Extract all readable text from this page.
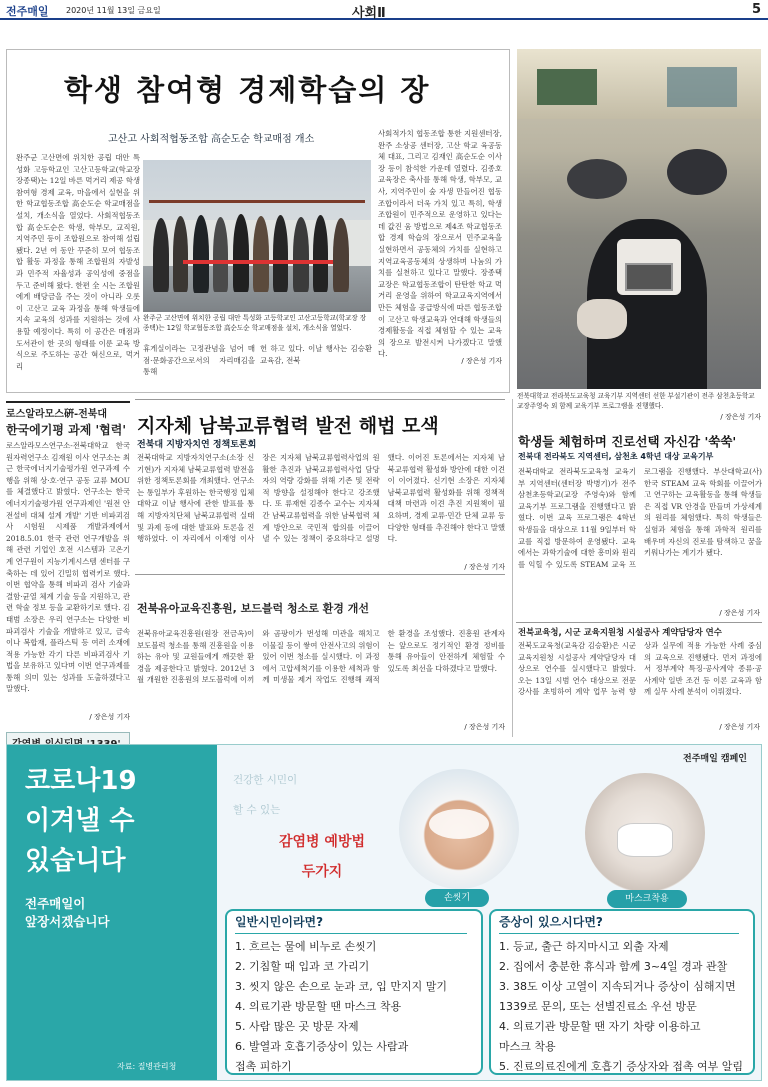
전주매일 2020년 11월 13일 금요일	사회Ⅱ	5
학생 참여형 경제학습의 장
고산고 사회적협동조합 高순도순 학교매점 개소
완주군 고산면에 위치한 공립 대안 특성화 고등학교인 고산고등학교(학교장 장종택)는 12일 바른 먹거리 제공 학생 참여형 경제 교육, 마을에서 실현을 위한 학교협동조합 高순도순 학교매점을 설치, 개소식을 열었다. 사회적협동조합 高순도순은 학생, 학부모, 교직원, 지역주민 등이 조합원으로 참여해 설립됐다. 2년 여 동안 꾸준히 모여 협동조합 활동 과정을 통해 조합원의 자발성과 민주적 자율성과 공익성에 중점을 두고 준비해 왔다. 한편 全 시는 조합원에게 배당금을 주는 것이 아니라 오롯이 고산고 교육 과정을 통해 학생들에 지속 교육의 성과를 지원하는 것에 사용할 예정이다. 특히 이 공간은 매점과 도서관이 한 곳의 형태를 이룬 교육 방식으로 주도하는 공간 혁신으로, 먹거리
완주군 고산면에 위치한 공립 대안 특성화 고등학교인 고산고등학교(학교장 장종택)는 12일 학교협동조합 高순도순 학교매점을 설치, 개소식을 열었다.
휴게실이라는 고정관념을 넘어 매점·문화공간으로서의 자리매김을 통해
헌 하고 있다. 이날 행사는 김승환 교육감, 전북
사회적가치 협동조합 통한 지원센터장, 완주 소상공 센터장, 고산 학교 육공동체 대표, 그리고 김재인 高순도순 이사장 등이 참석한 가운데 열렸다. 김종호 교육장은 축사를 통해 학생, 학부모, 교사, 지역주민이 숲 자생 만들어진 협동조합이라서 더욱 가치 있고 특히, 학생 조합원이 민주적으로 운영하고 있다는 데 값진 움 방법으로 제4조 학교협동조합 경제 학습의 장으로서 민주교육을 실현하면서 공동체의 가치를 실현하고 지역교육공동체의 상생하며 나눔의 가치를 실천하고 있다고 말했다. 장종택 교장은 학교협동조합이 탄탄한 학교 먹거리 운영을 위하여 학교교육지역에서 만든 체험을 공급방식에 따른 협동조합이 고산고 학생교육과 연대해 학생들의 경제활동을 직접 체험할 수 있는 교육의 장으로 발전시켜 나가겠다고 말했다.
/ 장은성 기자
전북대학교 전라북도교육청 교육기부 지역센터 선한 부설기관이 전주 삼천초등학교 교장주영숙 외 함께 교육기부 프로그램을 진행했다.
/ 장은성 기자
로스알라모스硏-전북대
한국에기평 과제 '협력'
로스알라모스연구소-전북대학교 한국원자력연구소 김재원 이사 연구소는 최근 한국에너지기술평가원 연구과제 수행을 위해 상·호·연구 공동 교류 MOU를 체결했다고 밝혔다. 연구소는 한국에너지기술평가원 연구과제인 '원전 안전설비 대체 설계 개발' 기반 비파괴검사 시험원 시제품 개발과제에서 2018.5.01 한국 관련 연구개발을 위해 관련 기업인 호전 시스템과 고온기계 연구원이 지능기계시스템 센터를 구축하는 데 있어 긴밀히 협력키로 했다. 이번 협약을 통해 비파괴 검사 기술과 결함·균열 체계 기술 등을 지원하고, 관련 학술 정보 등을 교환하기로 했다. 김태범 소장은 우리 연구소는 다양한 비파괴검사 기술을 개발하고 있고, 금속이나 복합재, 플라스틱 등 여러 소재에 적용 가능한 각기 다른 비파괴검사 기법을 보유하고 있다며 이번 연구과제를 통해 의미 있는 성과를 도출하겠다고 말했다.
/ 장은성 기자
지자체 남북교류협력 발전 해법 모색
전북대 지방자치연 정책토론회
전북대학교 지방자치연구소(소장 신기현)가 지자체 남북교류협력 발전을 위한 정책토론회를 개최했다. 연구소는 통일부가 후원하는 한국행정 입체 대학교 이날 행사에 관한 발표를 통해 지방자치단체 남북교류협력 실태 및 과제 등에 대한 발표와 토론을 진행하였다. 이 자리에서 이재영 이사장은 지자체 남북교류협력사업의 원활한 추진과 남북교류협력사업 담당자의 역량 강화를 위해 기존 및 전략적 방향을 설정해야 한다고 강조했다. 또 류재현 김종수 교수는 지자체 간 남북교류협력을 위한 남북협력 체계 방안으로 국민적 합의를 이끌어 낼 수 있는 정책이 중요하다고 설명했다. 이어진 토론에서는 지자체 남북교류협력 활성화 방안에 대한 이견이 이어졌다. 신기현 소장은 지자체 남북교류협력 활성화를 위해 정책적 대책 마련과 이견 추진 지원책이 필요하며, 경제 교류·민간 단체 교류 등 다양한 형태를 추진해야 한다고 말했다.
/ 장은성 기자
학생들 체험하며 진로선택 자신감 '쑥쑥'
전북대 전라북도 지역센터, 삼천초 4학년 대상 교육기부
전북대학교 전라북도교육청 교육기부 지역센터(센터장 박병기)가 전주삼천초등학교(교장 주영숙)와 함께 교육기부 프로그램을 진행했다고 밝혔다. 이번 교육 프로그램은 4학년 학생들을 대상으로 11월 9일부터 학교를 직접 방문하여 운영됐다. 교육에서는 과학기술에 대한 흥미와 원리를 익힐 수 있도록 STEAM 교육 프로그램을 진행했다. 부산대학교(사)한국 STEAM 교육 학회를 이끌어가고 연구하는 교육활동을 통해 학생들은 직접 VR 안경을 만들며 가상세계의 원리를 체험했다. 특히 학생들은 실험과 체험을 통해 과학적 원리를 배우며 자신의 진로를 탐색하고 꿈을 키워나가는 계기가 됐다.
/ 장은성 기자
전북유아교육진흥원, 보드블럭 청소로 환경 개선
전북유아교육진흥원(원장 전금옥)이 보도블럭 청소를 통해 진흥원을 이용하는 유아 및 교원들에게 깨끗한 환경을 제공한다고 밝혔다. 2012년 3월 개원한 진흥원의 보도블럭에 이끼와 곰팡이가 번성해 미관을 해치고 이물질 등이 쌓여 안전사고의 위험이 있어 이번 청소를 실시했다. 이 과정에서 고압세척기를 이용한 세척과 함께 미생물 제거 작업도 진행해 쾌적한 환경을 조성했다. 진흥원 관계자는 앞으로도 정기적인 환경 정비를 통해 유아들이 안전하게 체험할 수 있도록 최선을 다하겠다고 말했다.
/ 장은성 기자
전북교육청, 시군 교육지원청 시설공사 계약담당자 연수
전북도교육청(교육감 김승환)은 시군 교육지원청 시설공사 계약담당자 대상으로 연수를 실시했다고 밝혔다. 오는 13일 시범 연수 대상으로 전문 강사를 초빙하여 계약 업무 능력 향상과 실무에 적용 가능한 사례 중심의 교육으로 진행됐다. 먼저 과정에서 정부계약 특징·공사계약 종류·공사계약 일반 조건 등 이론 교육과 함께 실무 사례 분석이 이뤄졌다.
/ 장은성 기자
코로나19
이겨낼 수
있습니다
전주매일이
앞장서겠습니다
자료: 질병관리청
전주매일 캠페인
건강한 시민이
할 수 있는
감염병 예방법
두가지
손씻기	마스크착용
일반시민이라면?
1. 흐르는 물에 비누로 손씻기
2. 기침할 때 입과 코 가리기
3. 씻지 않은 손으로 눈과 코, 입 만지지 말기
4. 의료기관 방문할 땐 마스크 착용
5. 사람 많은 곳 방문 자제
6. 발열과 호흡기증상이 있는 사람과
접촉 피하기
증상이 있으시다면?
1. 등교, 출근 하지마시고 외출 자제
2. 집에서 충분한 휴식과 함께 3~4일 경과 관찰
3. 38도 이상 고열이 지속되거나 증상이 심해지면
1339로 문의, 또는 선별진료소 우선 방문
4. 의료기관 방문할 땐 자기 차량 이용하고
마스크 착용
5. 진료의료진에게 호흡기 증상자와 접촉 여부 알림
